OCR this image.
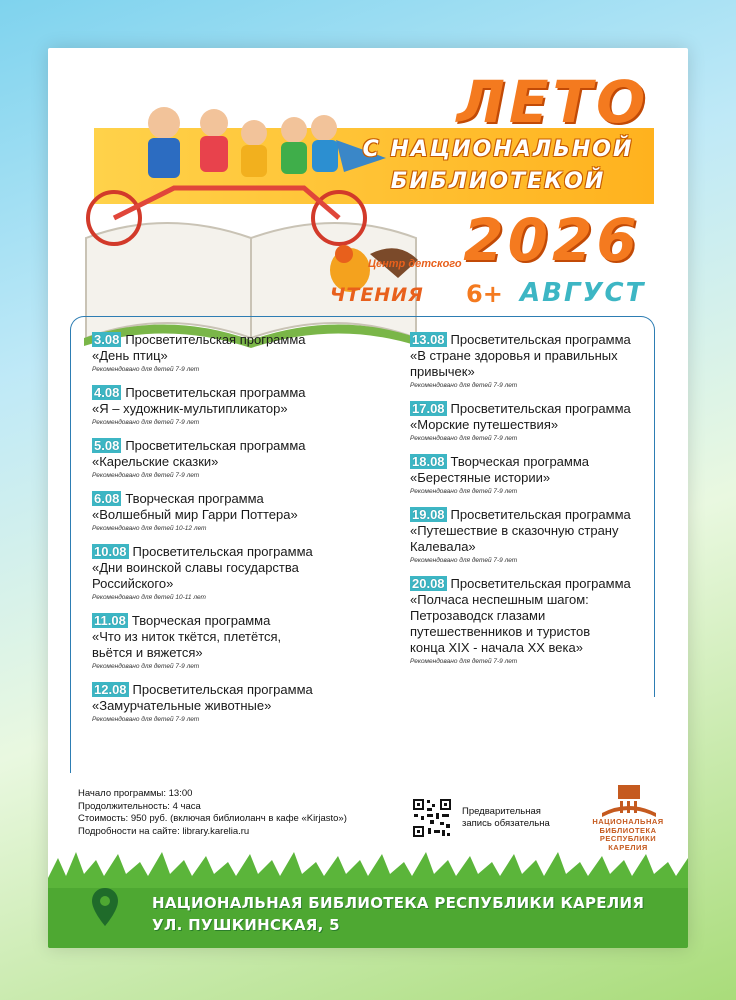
ЛЕТО
С НАЦИОНАЛЬНОЙ
БИБЛИОТЕКОЙ
2026
6+ АВГУСТ
Центр детского
ЧТЕНИЯ
3.08 Просветительская программа
«День птиц»
Рекомендовано для детей 7-9 лет
4.08 Просветительская программа
«Я – художник-мультипликатор»
Рекомендовано для детей 7-9 лет
5.08 Просветительская программа
«Карельские сказки»
Рекомендовано для детей 7-9 лет
6.08 Творческая программа
«Волшебный мир Гарри Поттера»
Рекомендовано для детей 10-12 лет
10.08 Просветительская программа
«Дни воинской славы государства
Российского»
Рекомендовано для детей 10-11 лет
11.08 Творческая программа
«Что из ниток ткётся, плетётся,
вьётся и вяжется»
Рекомендовано для детей 7-9 лет
12.08 Просветительская программа
«Замурчательные животные»
Рекомендовано для детей 7-9 лет
13.08 Просветительская программа
«В стране здоровья и правильных
привычек»
Рекомендовано для детей 7-9 лет
17.08 Просветительская программа
«Морские путешествия»
Рекомендовано для детей 7-9 лет
18.08 Творческая программа
«Берестяные истории»
Рекомендовано для детей 7-9 лет
19.08 Просветительская программа
«Путешествие в сказочную страну
Калевала»
Рекомендовано для детей 7-9 лет
20.08 Просветительская программа
«Полчаса неспешным шагом:
Петрозаводск глазами
путешественников и туристов
конца XIX - начала XX века»
Рекомендовано для детей 7-9 лет
Начало программы: 13:00
Продолжительность: 4 часа
Стоимость: 950 руб. (включая библиоланч в кафе «Kirjasto»)
Подробности на сайте: library.karelia.ru
Предварительная
запись обязательна	НАЦИОНАЛЬНАЯ
БИБЛИОТЕКА
РЕСПУБЛИКИ
КАРЕЛИЯ
НАЦИОНАЛЬНАЯ БИБЛИОТЕКА РЕСПУБЛИКИ КАРЕЛИЯ
УЛ. ПУШКИНСКАЯ, 5
